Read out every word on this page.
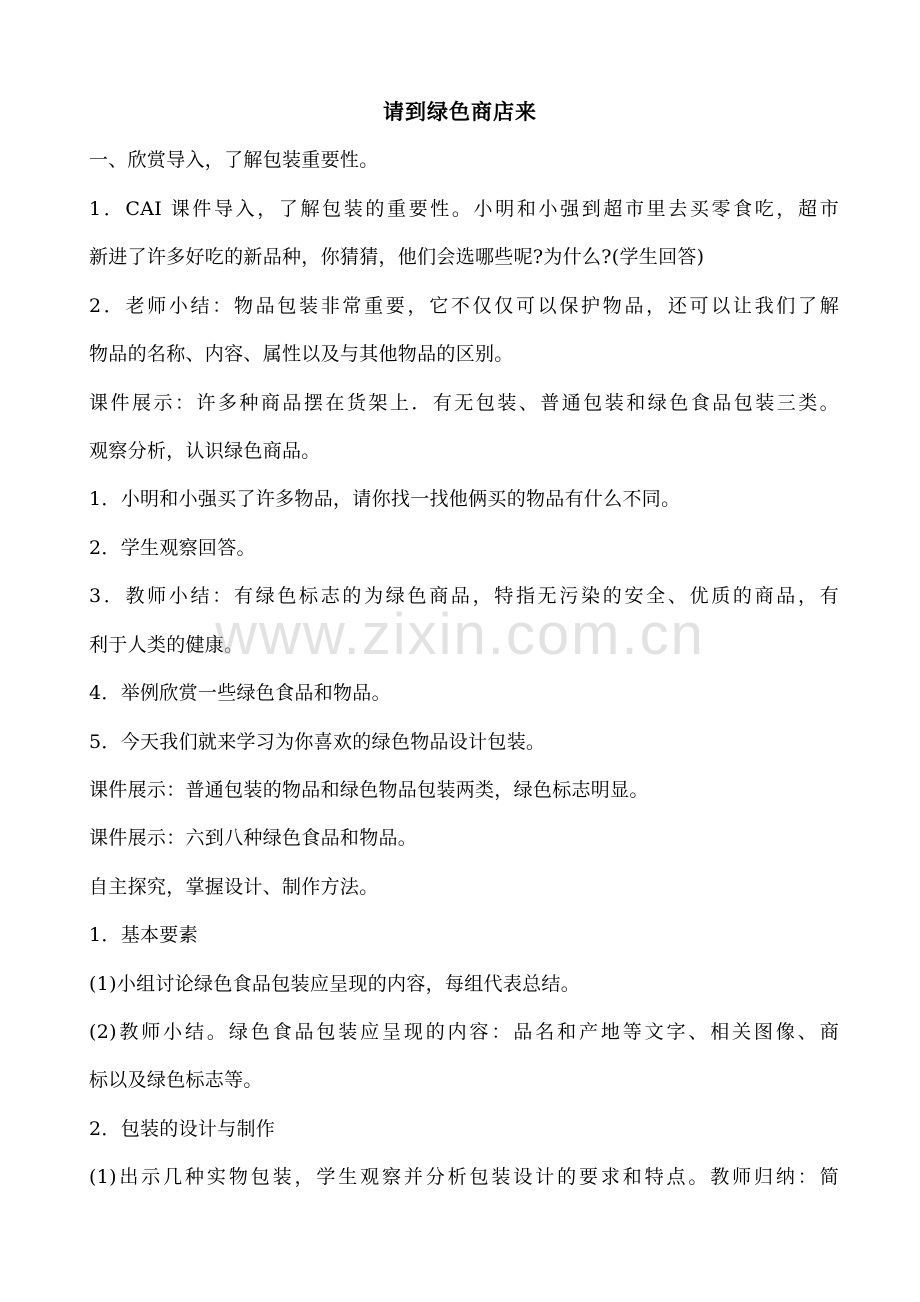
请到绿色商店来
一、欣赏导入，了解包装重要性。
1．CAI 课件导入，了解包装的重要性。小明和小强到超市里去买零食吃，超市
新进了许多好吃的新品种，你猜猜，他们会选哪些呢?为什么?(学生回答)
2．老师小结：物品包装非常重要，它不仅仅可以保护物品，还可以让我们了解
物品的名称、内容、属性以及与其他物品的区别。
课件展示：许多种商品摆在货架上．有无包装、普通包装和绿色食品包装三类。
观察分析，认识绿色商品。
1．小明和小强买了许多物品，请你找一找他俩买的物品有什么不同。
2．学生观察回答。
3．教师小结：有绿色标志的为绿色商品，特指无污染的安全、优质的商品，有
利于人类的健康。
4．举例欣赏一些绿色食品和物品。
5．今天我们就来学习为你喜欢的绿色物品设计包装。
课件展示：普通包装的物品和绿色物品包装两类，绿色标志明显。
课件展示：六到八种绿色食品和物品。
自主探究，掌握设计、制作方法。
1．基本要素
(1)小组讨论绿色食品包装应呈现的内容，每组代表总结。
(2)教师小结。绿色食品包装应呈现的内容：品名和产地等文字、相关图像、商
标以及绿色标志等。
2．包装的设计与制作
(1)出示几种实物包装，学生观察并分析包装设计的要求和特点。教师归纳：简
www.zixin.com.cn
